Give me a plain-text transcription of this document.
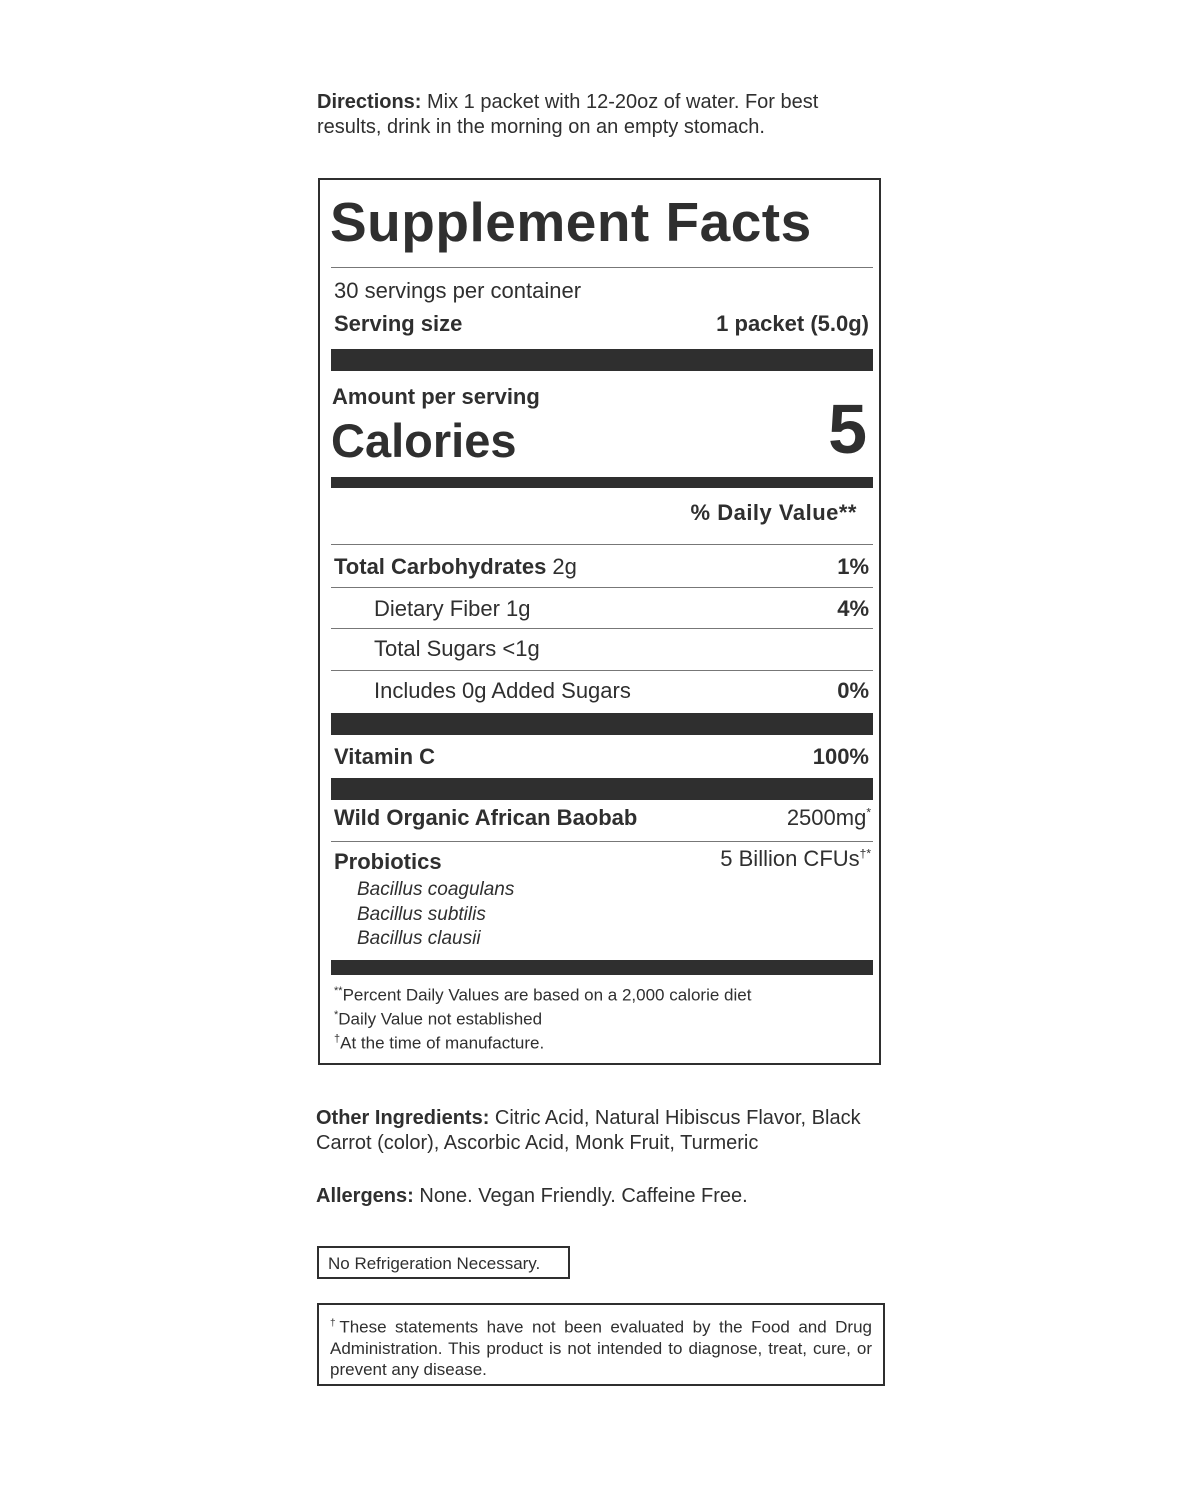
Directions: Mix 1 packet with 12-20oz of water. For best results, drink in the morning on an empty stomach.
Supplement Facts
30 servings per container
Serving size	1 packet (5.0g)
Amount per serving
Calories	5
% Daily Value**
Total Carbohydrates 2g	1%
Dietary Fiber 1g	4%
Total Sugars <1g
Includes 0g Added Sugars	0%
Vitamin C	100%
Wild Organic African Baobab	2500mg*
Probiotics	5 Billion CFUs†*
Bacillus coagulans
Bacillus subtilis
Bacillus clausii
**Percent Daily Values are based on a 2,000 calorie diet
*Daily Value not established
†At the time of manufacture.
Other Ingredients: Citric Acid, Natural Hibiscus Flavor, Black Carrot (color), Ascorbic Acid, Monk Fruit, Turmeric
Allergens: None. Vegan Friendly. Caffeine Free.
No Refrigeration Necessary.
†These statements have not been evaluated by the Food and Drug Administration. This product is not intended to diagnose, treat, cure, or prevent any disease.
